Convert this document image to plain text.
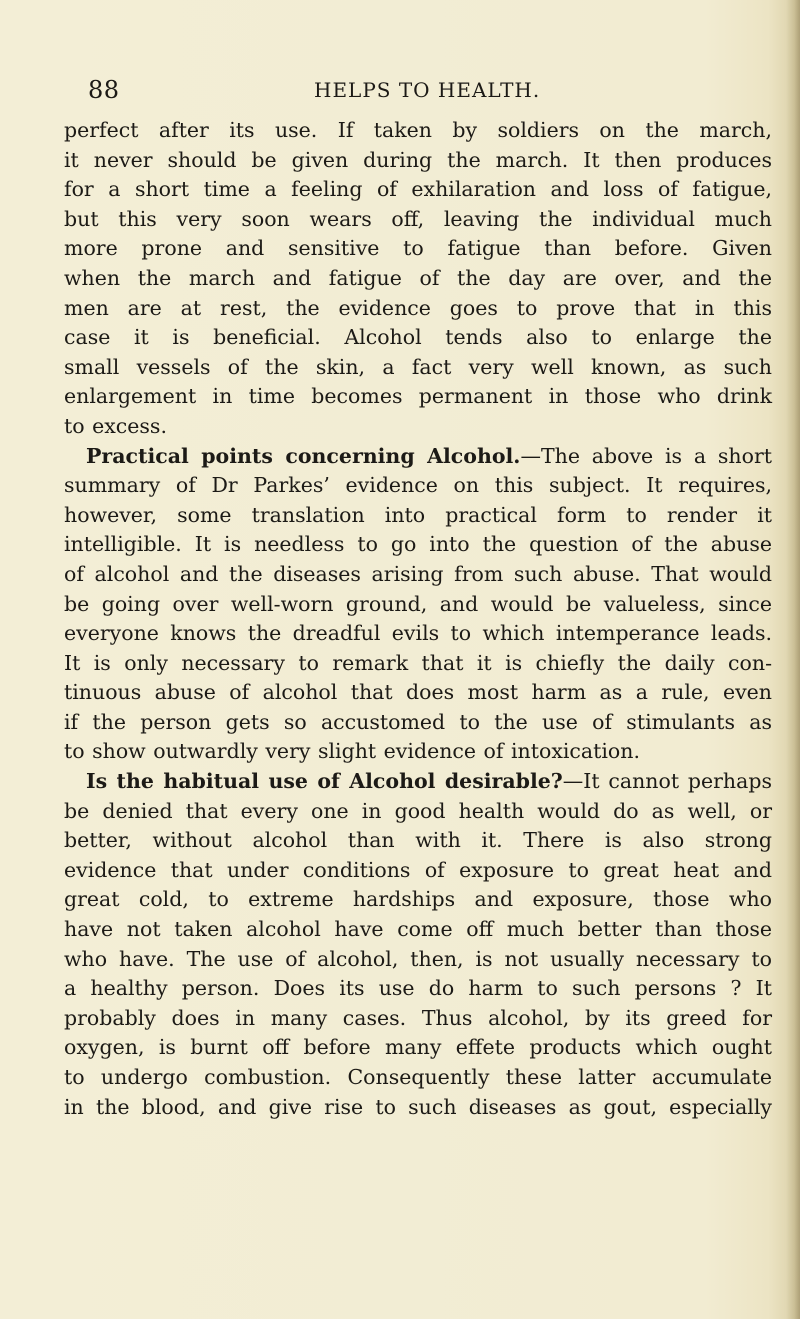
88	HELPS TO HEALTH.
perfect after its use. If taken by soldiers on the march,
it never should be given during the march. It then produces
for a short time a feeling of exhilaration and loss of fatigue,
but this very soon wears off, leaving the individual much
more prone and sensitive to fatigue than before. Given
when the march and fatigue of the day are over, and the
men are at rest, the evidence goes to prove that in this
case it is beneficial. Alcohol tends also to enlarge the
small vessels of the skin, a fact very well known, as such
enlargement in time becomes permanent in those who drink
to excess.
Practical points concerning Alcohol.—The above is a short
summary of Dr Parkes’ evidence on this subject. It requires,
however, some translation into practical form to render it
intelligible. It is needless to go into the question of the abuse
of alcohol and the diseases arising from such abuse. That would
be going over well-worn ground, and would be valueless, since
everyone knows the dreadful evils to which intemperance leads.
It is only necessary to remark that it is chiefly the daily con-
tinuous abuse of alcohol that does most harm as a rule, even
if the person gets so accustomed to the use of stimulants as
to show outwardly very slight evidence of intoxication.
Is the habitual use of Alcohol desirable?—It cannot perhaps
be denied that every one in good health would do as well, or
better, without alcohol than with it. There is also strong
evidence that under conditions of exposure to great heat and
great cold, to extreme hardships and exposure, those who
have not taken alcohol have come off much better than those
who have. The use of alcohol, then, is not usually necessary to
a healthy person. Does its use do harm to such persons ? It
probably does in many cases. Thus alcohol, by its greed for
oxygen, is burnt off before many effete products which ought
to undergo combustion. Consequently these latter accumulate
in the blood, and give rise to such diseases as gout, especially
